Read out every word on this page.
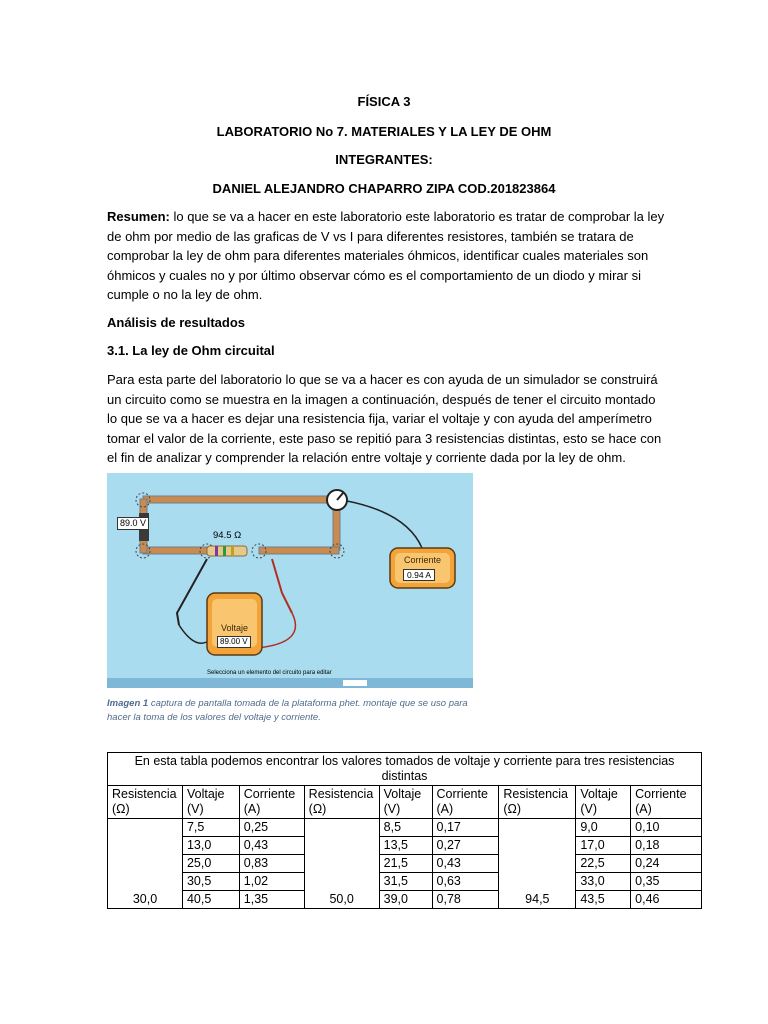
FÍSICA 3
LABORATORIO No 7. MATERIALES Y LA LEY DE OHM
INTEGRANTES:
DANIEL ALEJANDRO CHAPARRO ZIPA COD.201823864
Resumen: lo que se va a hacer en este laboratorio este laboratorio es tratar de comprobar la ley de ohm por medio de las graficas de V vs I para diferentes resistores, también se tratara de comprobar la ley de ohm para diferentes materiales óhmicos, identificar cuales materiales son óhmicos y cuales no y por último observar cómo es el comportamiento de un diodo y mirar si cumple o no la ley de ohm.
Análisis de resultados
3.1. La ley de Ohm circuital
Para esta parte del laboratorio lo que se va a hacer es con ayuda de un simulador se construirá un circuito como se muestra en la imagen a continuación, después de tener el circuito montado lo que se va a hacer es dejar una resistencia fija, variar el voltaje y con ayuda del amperímetro tomar el valor de la corriente, este paso se repitió para 3 resistencias distintas, esto se hace con el fin de analizar y comprender la relación entre voltaje y corriente dada por la ley de ohm.
89.0 V
94.5 Ω
Corriente
0.94 A
Voltaje
89.00 V
Selecciona un elemento del circuito para editar
Imagen 1 captura de pantalla tomada de la plataforma phet. montaje que se uso para hacer la toma de los valores del voltaje y corriente.
En esta tabla podemos encontrar los valores tomados de voltaje y corriente para tres resistencias distintas								
Resistencia (Ω)	Voltaje (V)	Corriente (A)	Resistencia (Ω)	Voltaje (V)	Corriente (A)	Resistencia (Ω)	Voltaje (V)	Corriente (A)
30,0	7,5	0,25	50,0	8,5	0,17	94,5	9,0	0,10
	13,0	0,43		13,5	0,27		17,0	0,18
	25,0	0,83		21,5	0,43		22,5	0,24
	30,5	1,02		31,5	0,63		33,0	0,35
	40,5	1,35		39,0	0,78		43,5	0,46
